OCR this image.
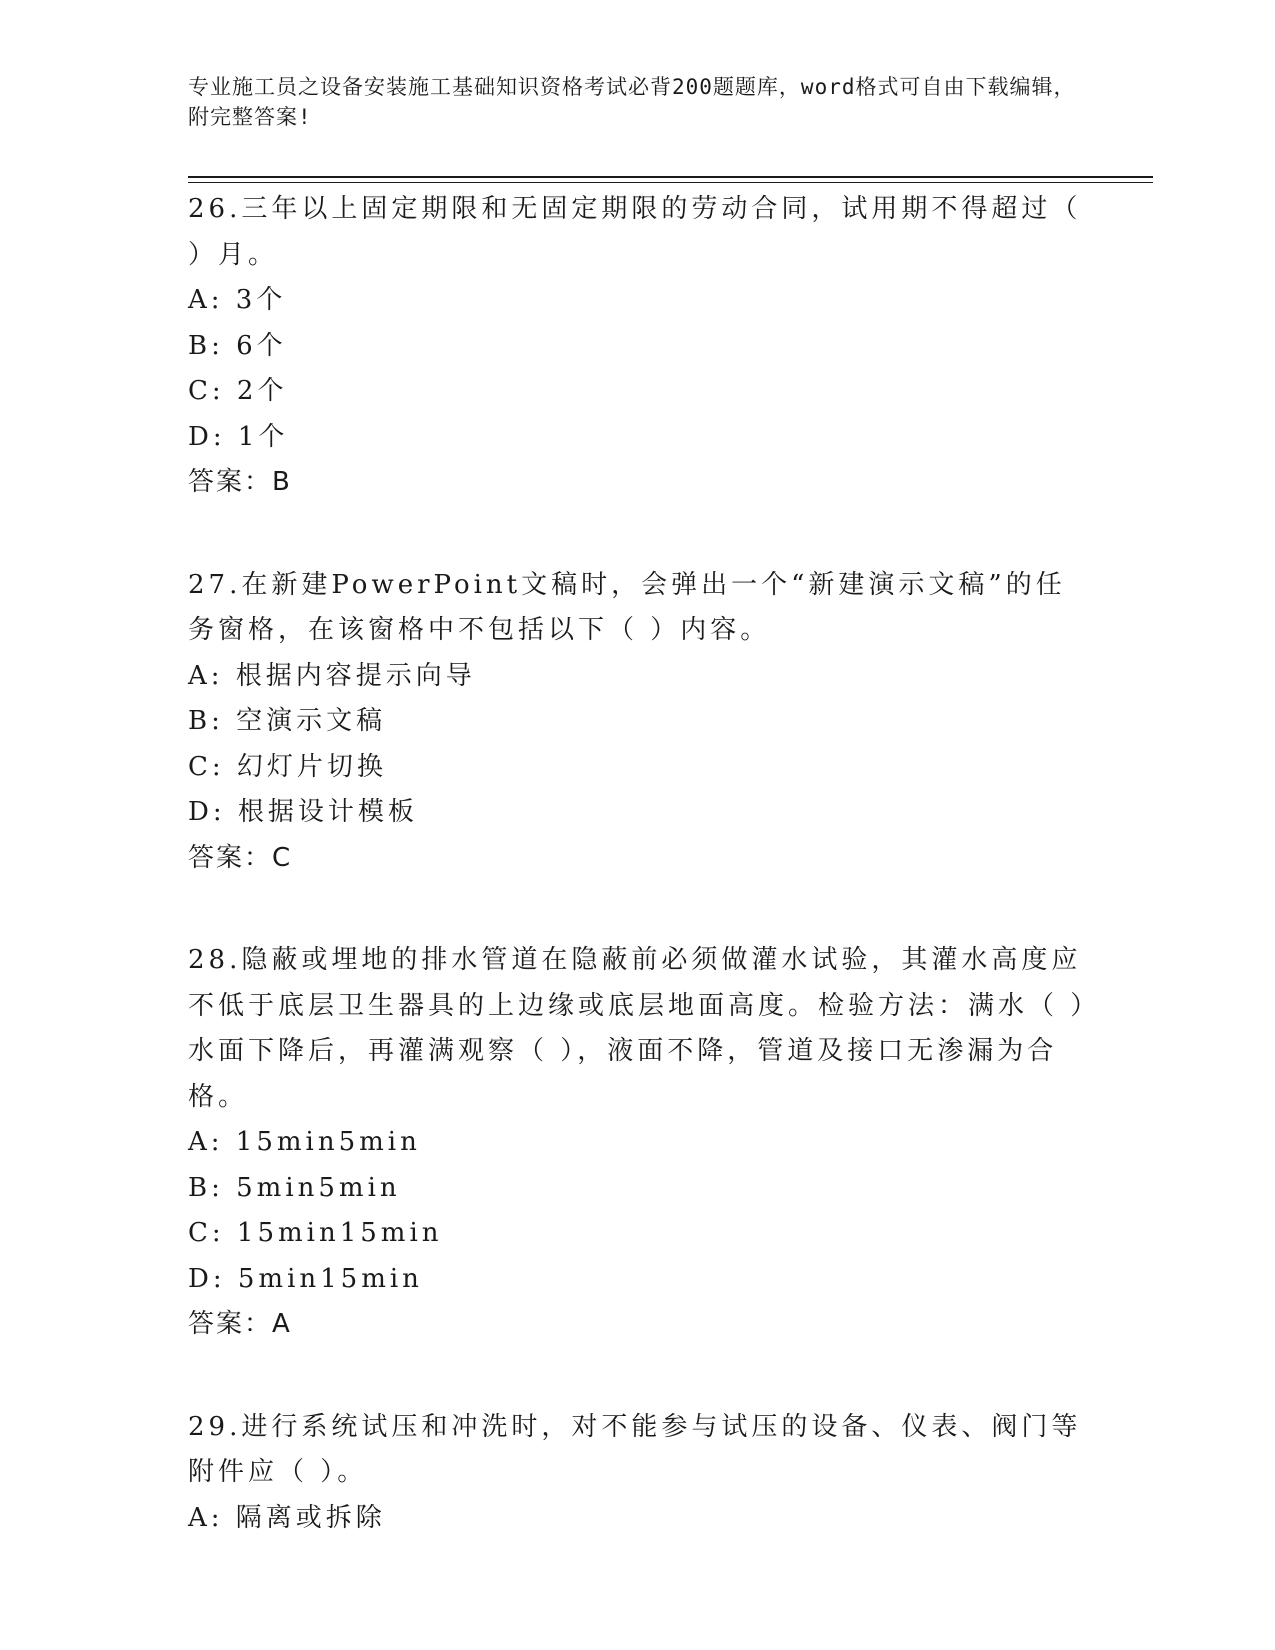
专业施工员之设备安装施工基础知识资格考试必背200题题库，word格式可自由下载编辑，附完整答案!
26.三年以上固定期限和无固定期限的劳动合同，试用期不得超过（ ）月。
A: 3个
B: 6个
C: 2个
D: 1个
答案：B
27.在新建PowerPoint文稿时，会弹出一个“新建演示文稿”的任务窗格，在该窗格中不包括以下（ ）内容。
A: 根据内容提示向导
B: 空演示文稿
C: 幻灯片切换
D: 根据设计模板
答案：C
28.隐蔽或埋地的排水管道在隐蔽前必须做灌水试验，其灌水高度应不低于底层卫生器具的上边缘或底层地面高度。检验方法：满水（ ）水面下降后，再灌满观察（ ），液面不降，管道及接口无渗漏为合格。
A: 15min5min
B: 5min5min
C: 15min15min
D: 5min15min
答案：A
29.进行系统试压和冲洗时，对不能参与试压的设备、仪表、阀门等附件应（ ）。
A: 隔离或拆除
